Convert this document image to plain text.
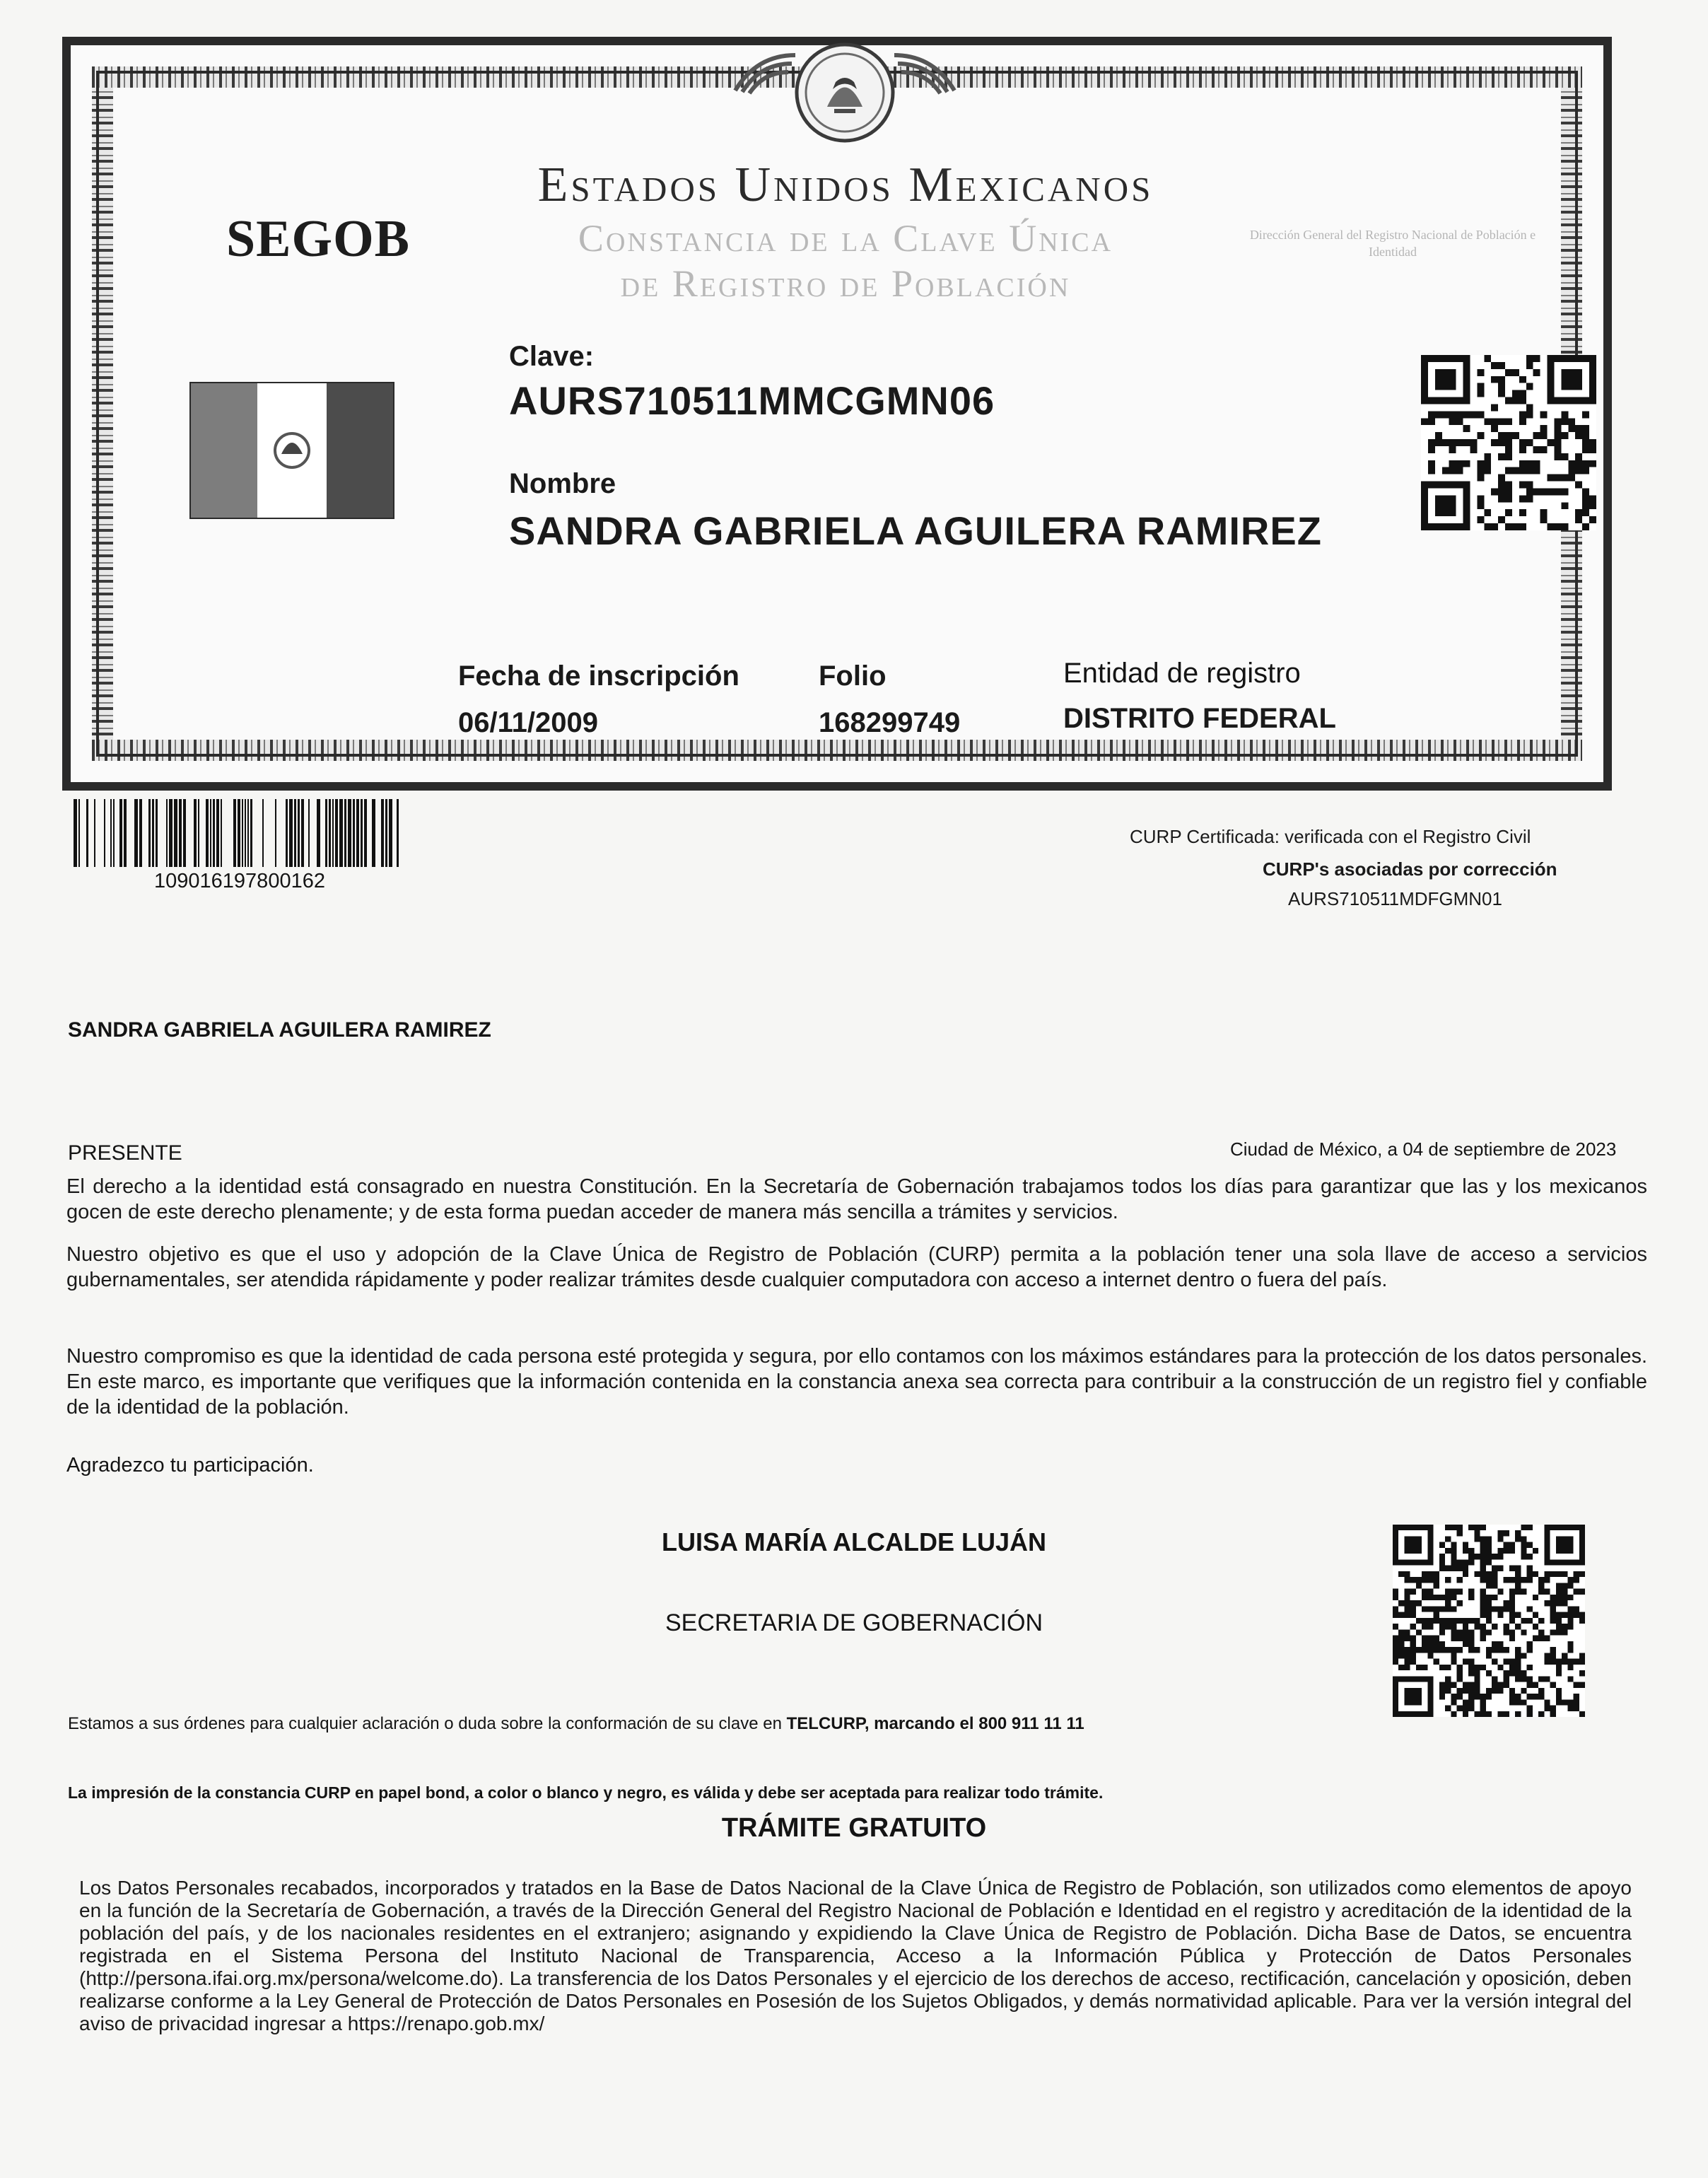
Estados Unidos Mexicanos
Constancia de la Clave Única
de Registro de Población
SEGOB	Dirección General del Registro Nacional de Población e Identidad
Clave:
AURS710511MMCGMN06
Nombre
SANDRA GABRIELA AGUILERA RAMIREZ
Fecha de inscripción
06/11/2009
Folio
168299749
Entidad de registro
DISTRITO FEDERAL
109016197800162
CURP Certificada: verificada con el Registro Civil
CURP's asociadas por corrección
AURS710511MDFGMN01
SANDRA GABRIELA AGUILERA RAMIREZ
PRESENTE	Ciudad de México, a 04 de septiembre de 2023
El derecho a la identidad está consagrado en nuestra Constitución. En la Secretaría de Gobernación trabajamos todos los días para garantizar que las y los mexicanos gocen de este derecho plenamente; y de esta forma puedan acceder de manera más sencilla a trámites y servicios.
Nuestro objetivo es que el uso y adopción de la Clave Única de Registro de Población (CURP) permita a la población tener una sola llave de acceso a servicios gubernamentales, ser atendida rápidamente y poder realizar trámites desde cualquier computadora con acceso a internet dentro o fuera del país.
Nuestro compromiso es que la identidad de cada persona esté protegida y segura, por ello contamos con los máximos estándares para la protección de los datos personales. En este marco, es importante que verifiques que la información contenida en la constancia anexa sea correcta para contribuir a la construcción de un registro fiel y confiable de la identidad de la población.
Agradezco tu participación.
LUISA MARÍA ALCALDE LUJÁN
SECRETARIA DE GOBERNACIÓN
Estamos a sus órdenes para cualquier aclaración o duda sobre la conformación de su clave en TELCURP, marcando el 800 911 11 11
La impresión de la constancia CURP en papel bond, a color o blanco y negro, es válida y debe ser aceptada para realizar todo trámite.
TRÁMITE GRATUITO
Los Datos Personales recabados, incorporados y tratados en la Base de Datos Nacional de la Clave Única de Registro de Población, son utilizados como elementos de apoyo en la función de la Secretaría de Gobernación, a través de la Dirección General del Registro Nacional de Población e Identidad en el registro y acreditación de la identidad de la población del país, y de los nacionales residentes en el extranjero; asignando y expidiendo la Clave Única de Registro de Población. Dicha Base de Datos, se encuentra registrada en el Sistema Persona del Instituto Nacional de Transparencia, Acceso a la Información Pública y Protección de Datos Personales (http://persona.ifai.org.mx/persona/welcome.do). La transferencia de los Datos Personales y el ejercicio de los derechos de acceso, rectificación, cancelación y oposición, deben realizarse conforme a la Ley General de Protección de Datos Personales en Posesión de los Sujetos Obligados, y demás normatividad aplicable. Para ver la versión integral del aviso de privacidad ingresar a https://renapo.gob.mx/
